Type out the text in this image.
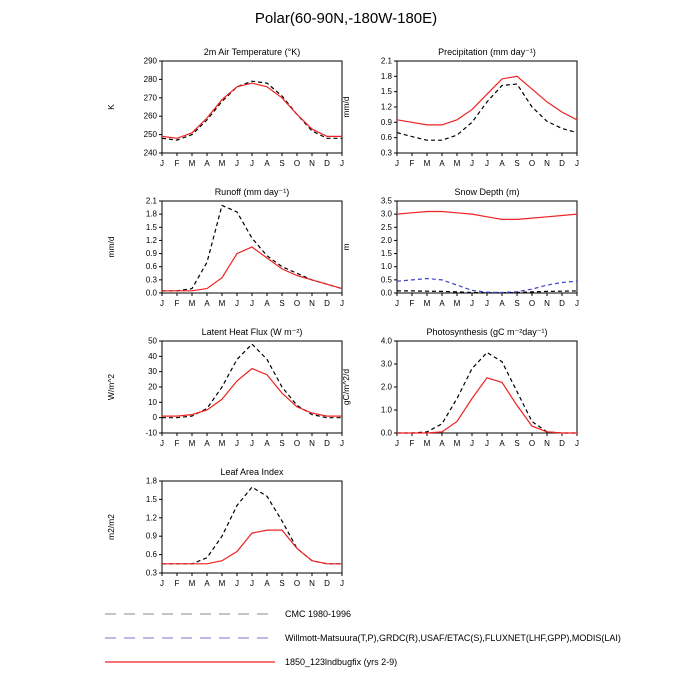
Polar(60-90N,-180W-180E)
2m Air Temperature (°K)
K
240
250
260
270
280
290
J F M A M J J A S O N D J
Precipitation (mm day⁻¹)
mm/d
0.3
0.6
0.9
1.2
1.5
1.8
2.1
J F M A M J J A S O N D J
Runoff (mm day⁻¹)
mm/d
0.0
0.3
0.6
0.9
1.2
1.5
1.8
2.1
J F M A M J J A S O N D J
Snow Depth (m)
m
0.0
0.5
1.0
1.5
2.0
2.5
3.0
3.5
J F M A M J J A S O N D J
Latent Heat Flux (W m⁻²)
W/m^2
-10
0
10
20
30
40
50
J F M A M J J A S O N D J
Photosynthesis (gC m⁻²day⁻¹)
gC/m^2/d
0.0
1.0
2.0
3.0
4.0
J F M A M J J A S O N D J
Leaf Area Index
m2/m2
0.3
0.6
0.9
1.2
1.5
1.8
J F M A M J J A S O N D J
CMC 1980-1996
Willmott-Matsuura(T,P),GRDC(R),USAF/ETAC(S),FLUXNET(LHF,GPP),MODIS(LAI)
1850_123lndbugfix (yrs 2-9)
